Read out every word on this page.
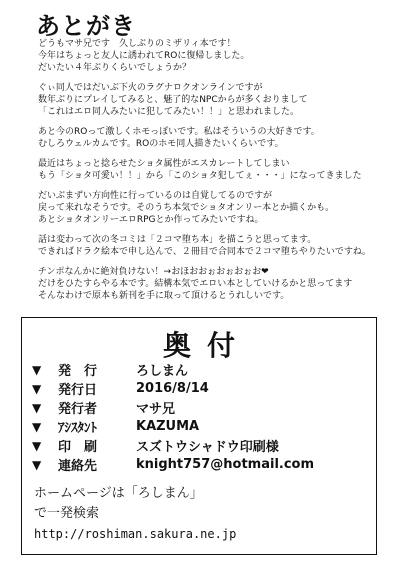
あとがき
どうもマサ兄です　久しぶりのミザリィ本です！
今年はちょっと友人に誘われてROに復帰しました。
だいたい４年ぶりくらいでしょうか？
ぐぃ同人ではだいぶ下火のラグナロクオンラインですが
数年ぶりにプレイしてみると、魅了的なNPCからが多くおりまして
「これはエロ同人みたいに犯してみたい！！」と思われました。
あと今のROって激しくホモっぽいです。私はそういうの大好きです。
むしろウェルカムです。ROのホモ同人描きたいくらいです。
最近はちょっと捻らせたショタ属性がエスカレートしてしまい
もう「ショタ可愛い！！」から「このショタ犯してぇ・・・」になってきました
だいぶまずい方向性に行っているのは自覚してるのですが
戻って来れなそうです。そのうち本気でショタオンリー本とか描くかも。
あとショタオンリーエロRPGとか作ってみたいですね。
話は変わって次の冬コミは「２コマ堕ち本」を描こうと思ってます。
できればドラク絵本で申し込んで、２冊目で合同本で２コマ堕ちやりたいですね。
チンポなんかに絶対負けない！→おほおおぉおぉおぉお❤
だけをひたすらやる本です。結構本気でエロい本としていけるかと思ってます
そんなわけで原本も新刊を手に取って頂けるとうれしいです。
奥付
▼	発　行	ろしまん
▼	発行日	2016/8/14
▼	発行者	マサ兄
▼	ｱｼｽﾀﾝﾄ	KAZUMA
▼	印　刷	スズトウシャドウ印刷様
▼	連絡先	knight757@hotmail.com
ホームページは「ろしまん」
で一発検索
http://roshiman.sakura.ne.jp
